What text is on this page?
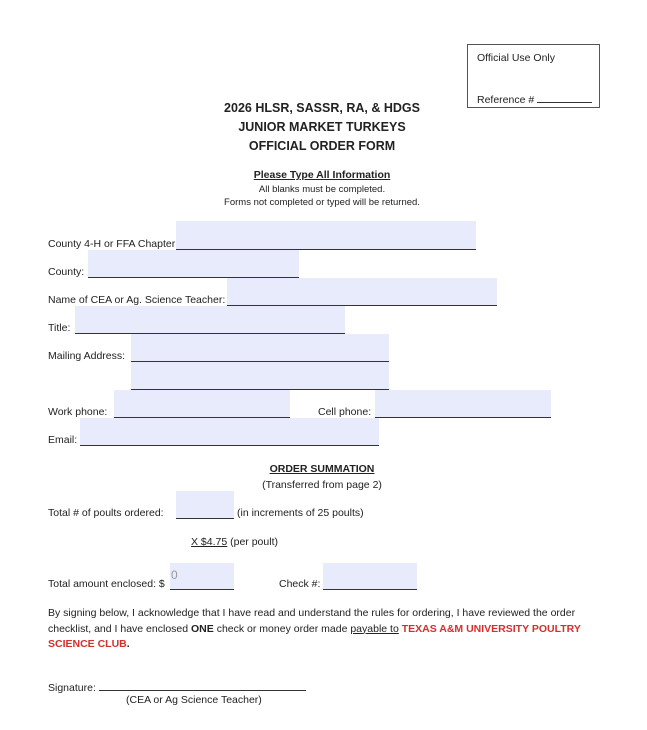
Official Use Only
Reference #
2026 HLSR, SASSR, RA, & HDGS
JUNIOR MARKET TURKEYS
OFFICIAL ORDER FORM
Please Type All Information
All blanks must be completed.
Forms not completed or typed will be returned.
County 4-H or FFA Chapter
County:
Name of CEA or Ag. Science Teacher:
Title:
Mailing Address:
Work phone:	Cell phone:
Email:
ORDER SUMMATION
(Transferred from page 2)
Total # of poults ordered:	(in increments of 25 poults)
X $4.75 (per poult)
Total amount enclosed: $
0
Check #:
By signing below, I acknowledge that I have read and understand the rules for ordering, I have reviewed the order checklist, and I have enclosed ONE check or money order made payable to TEXAS A&M UNIVERSITY POULTRY SCIENCE CLUB.
Signature:
(CEA or Ag Science Teacher)
